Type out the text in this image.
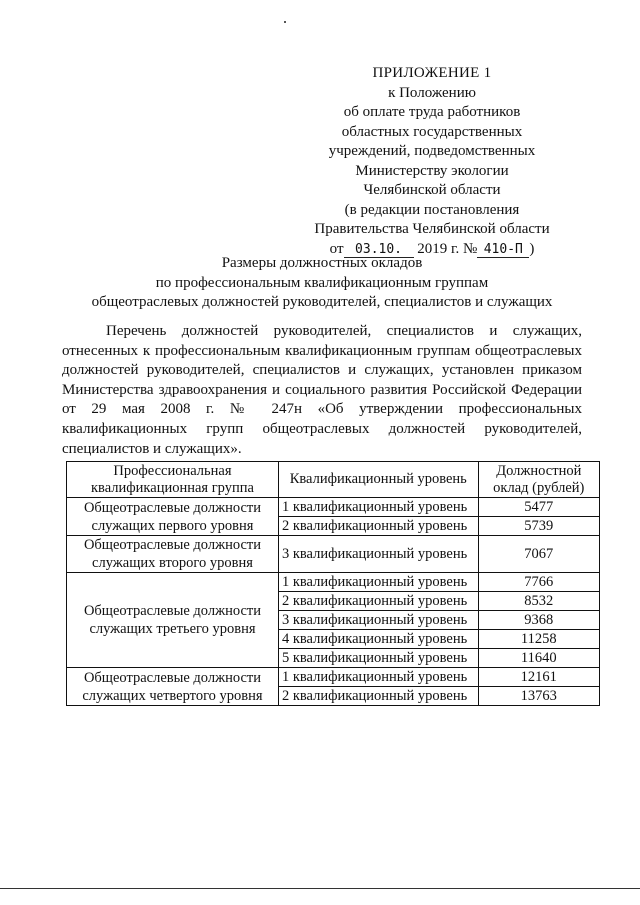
ПРИЛОЖЕНИЕ 1
к Положению
об оплате труда работников
областных государственных
учреждений, подведомственных
Министерству экологии
Челябинской области
(в редакции постановления
Правительства Челябинской области
от 03.10. 2019 г. № 410-П )
Размеры должностных окладов
по профессиональным квалификационным группам
общеотраслевых должностей руководителей, специалистов и служащих
Перечень должностей руководителей, специалистов и служащих, отнесенных к профессиональным квалификационным группам общеотраслевых должностей руководителей, специалистов и служащих, установлен приказом Министерства здравоохранения и социального развития Российской Федерации от 29 мая 2008 г. № 247н «Об утверждении профессиональных квалификационных групп общеотраслевых должностей руководителей, специалистов и служащих».
Профессиональная квалификационная группа	Квалификационный уровень	Должностной оклад (рублей)
Общеотраслевые должности служащих первого уровня	1 квалификационный уровень	5477
	2 квалификационный уровень	5739
Общеотраслевые должности служащих второго уровня	3 квалификационный уровень	7067
Общеотраслевые должности служащих третьего уровня	1 квалификационный уровень	7766
	2 квалификационный уровень	8532
	3 квалификационный уровень	9368
	4 квалификационный уровень	11258
	5 квалификационный уровень	11640
Общеотраслевые должности служащих четвертого уровня	1 квалификационный уровень	12161
	2 квалификационный уровень	13763
